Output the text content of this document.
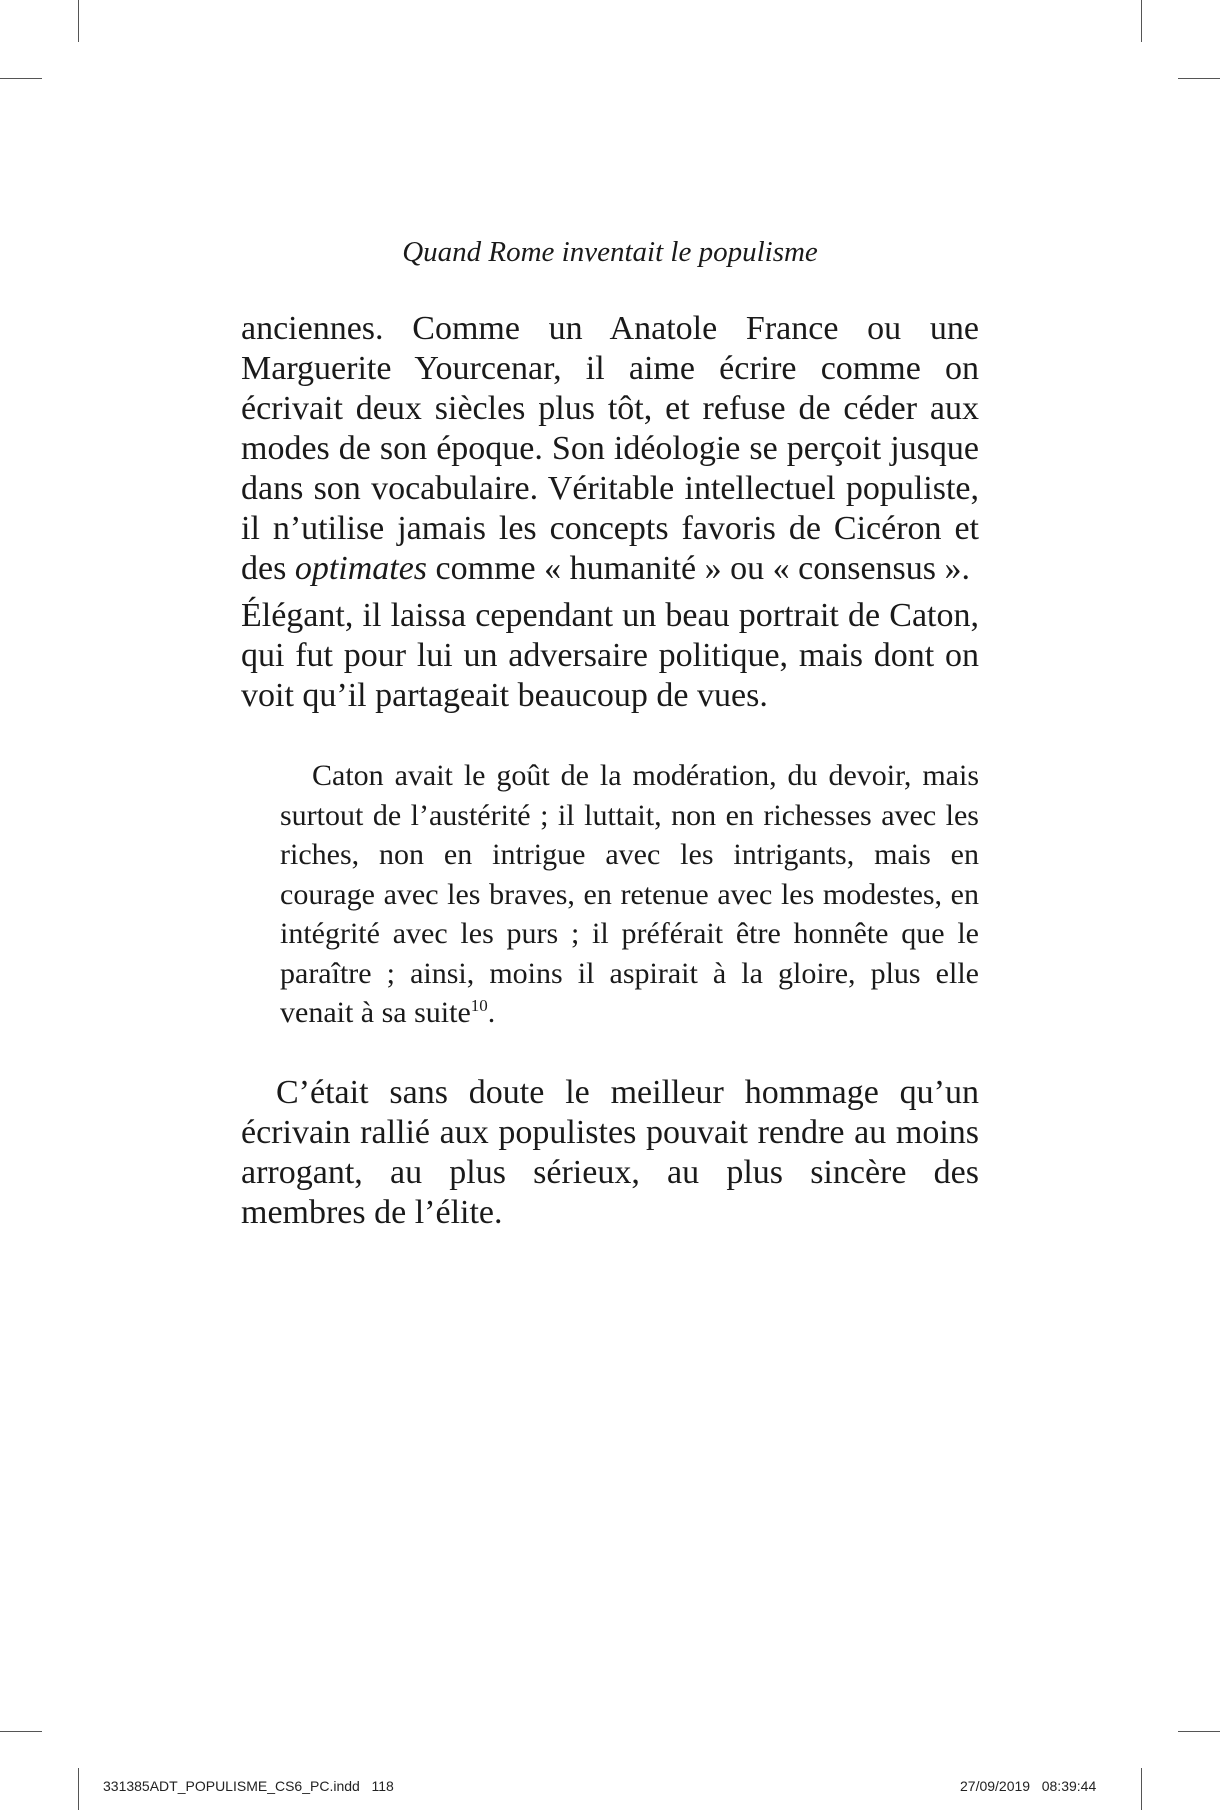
Quand Rome inventait le populisme

anciennes. Comme un Anatole France ou une Marguerite Yourcenar, il aime écrire comme on écrivait deux siècles plus tôt, et refuse de céder aux modes de son époque. Son idéologie se perçoit jusque dans son vocabulaire. Véritable intellectuel populiste, il n’utilise jamais les concepts favoris de Cicéron et des optimates comme « humanité » ou « consensus ».

Élégant, il laissa cependant un beau portrait de Caton, qui fut pour lui un adversaire politique, mais dont on voit qu’il partageait beaucoup de vues.

Caton avait le goût de la modération, du devoir, mais surtout de l’austérité ; il luttait, non en richesses avec les riches, non en intrigue avec les intrigants, mais en courage avec les braves, en retenue avec les modestes, en intégrité avec les purs ; il préférait être honnête que le paraître ; ainsi, moins il aspirait à la gloire, plus elle venait à sa suite$^{10}$.

C’était sans doute le meilleur hommage qu’un écrivain rallié aux populistes pouvait rendre au moins arrogant, au plus sérieux, au plus sincère des membres de l’élite.

331385ADT_POPULISME_CS6_PC.indd   118	27/09/2019   08:39:44
